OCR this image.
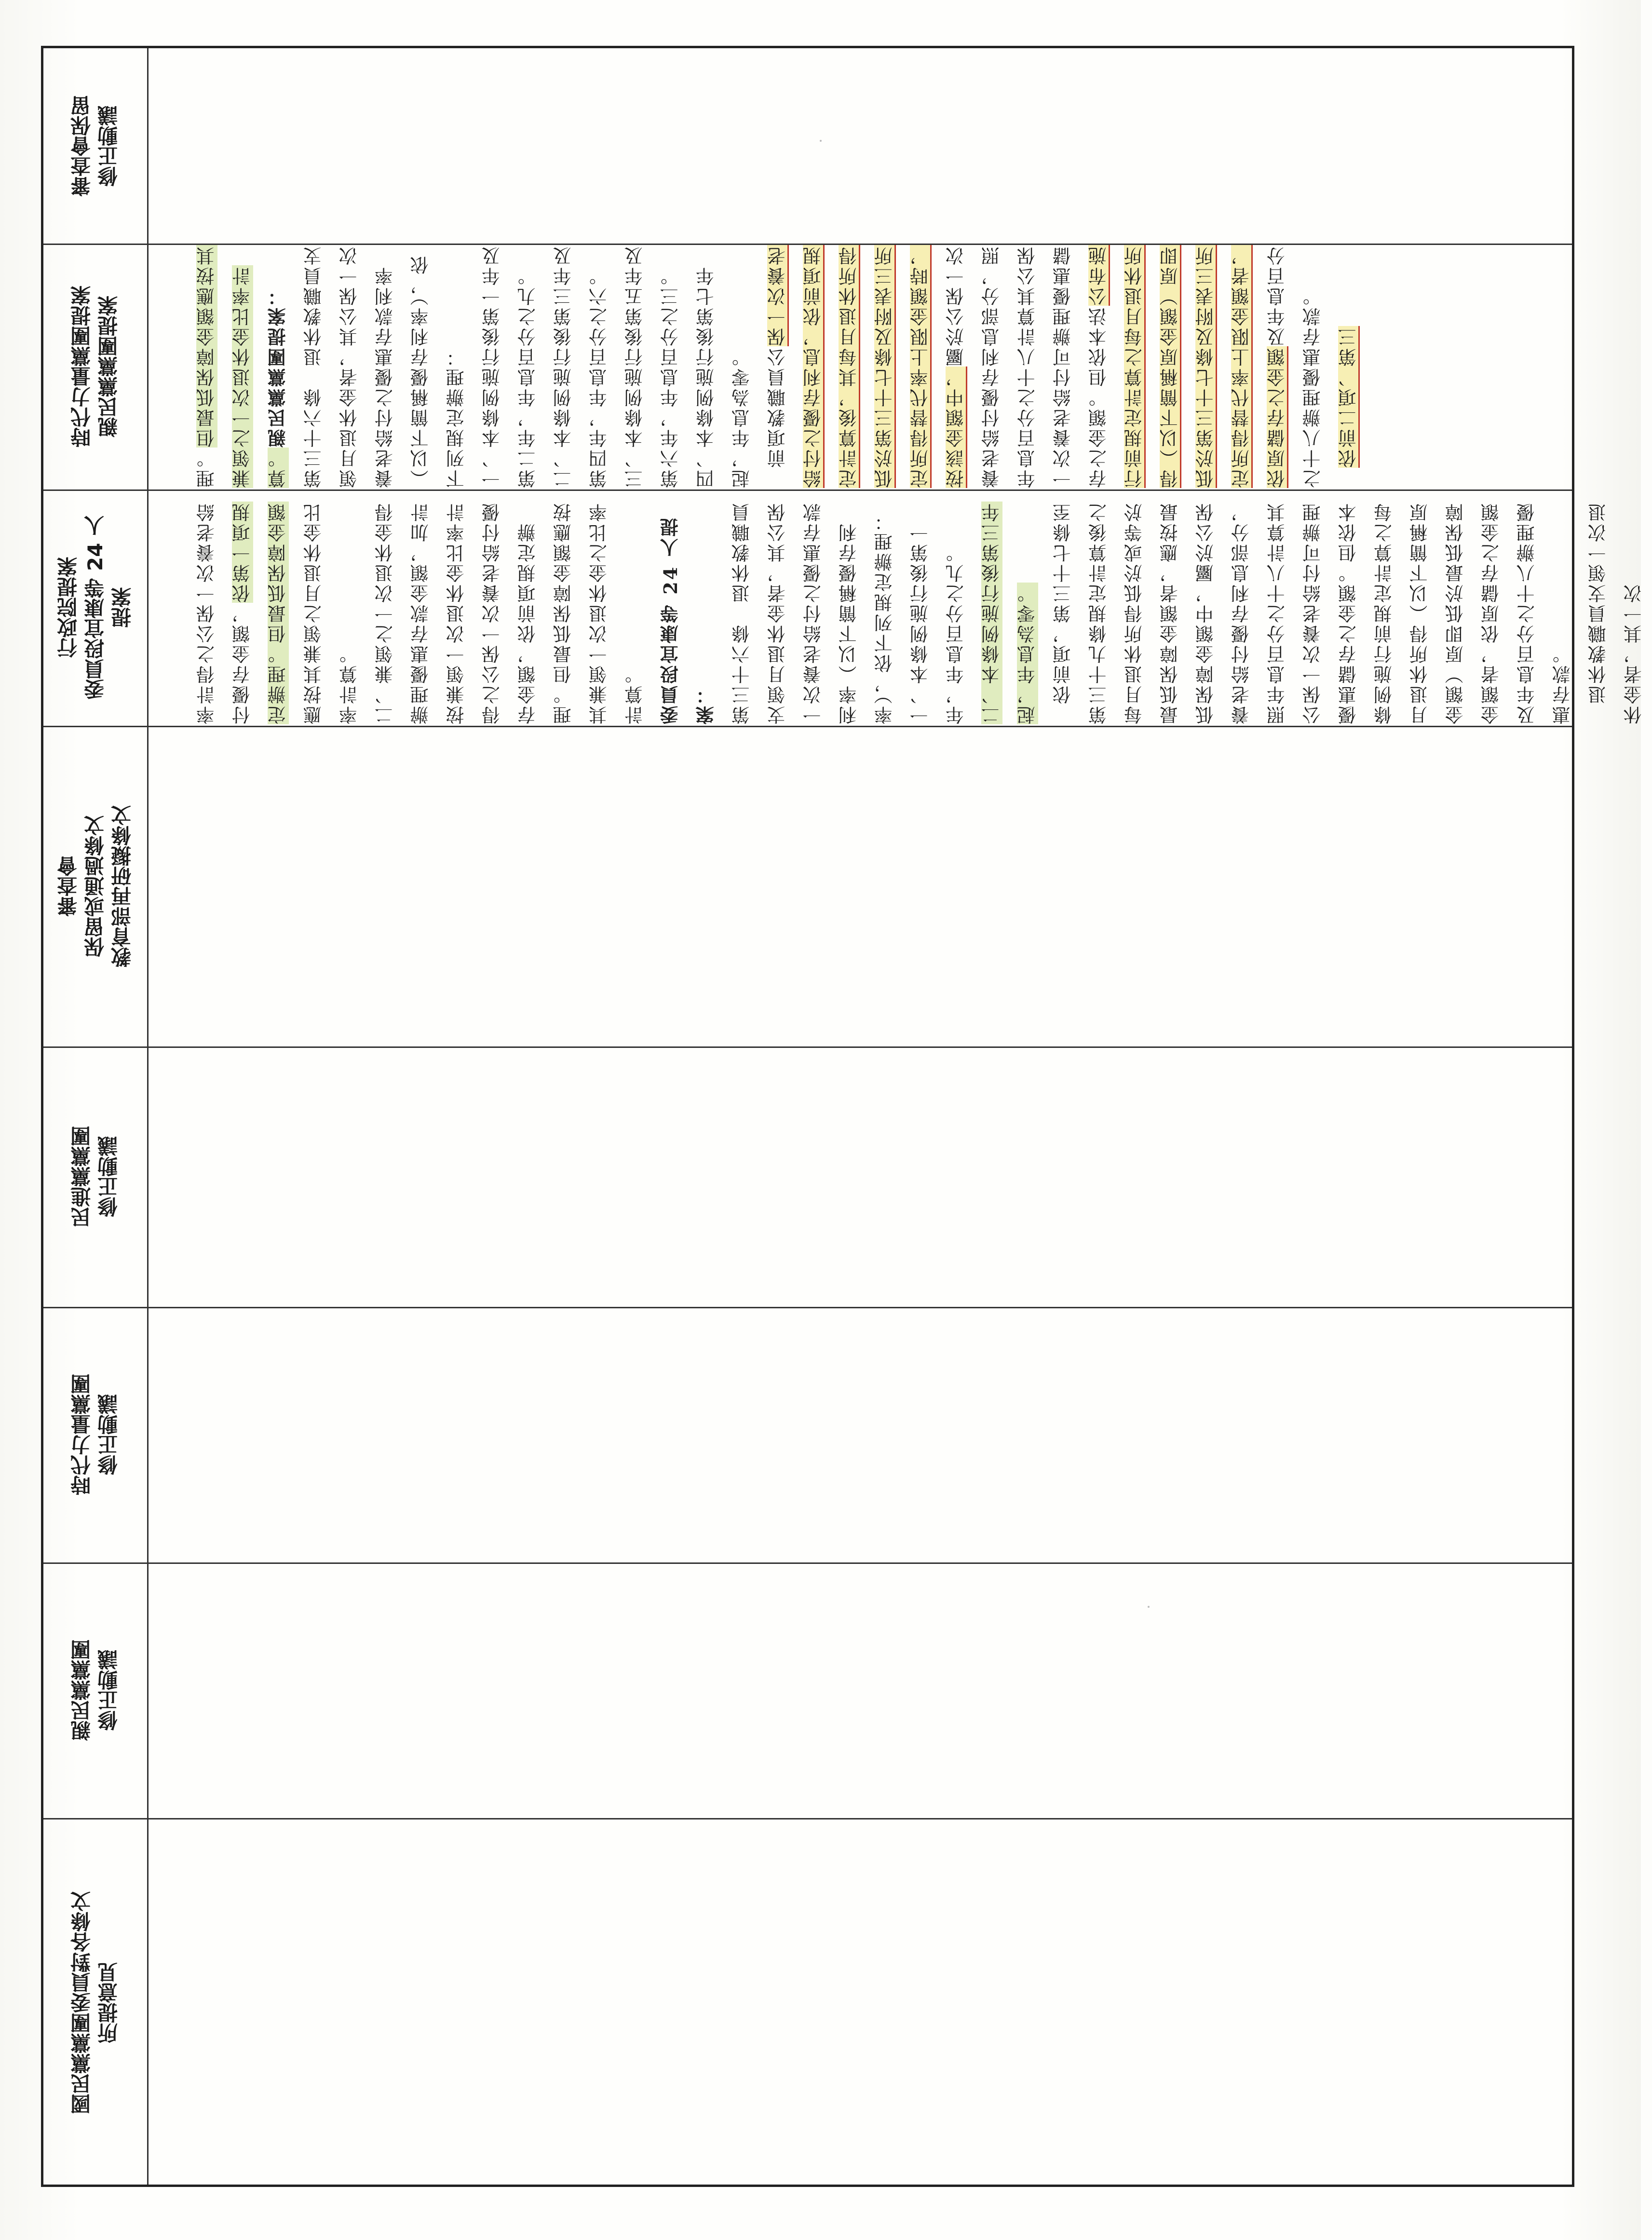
審查會保留
修正動議
時代力量黨團提案
親民黨黨團提案
行政院提案
委員段宜康等 24 人
提案
審查會
保留或通過條文
教育部再研擬條文
民進黨黨團
修正動議
時代力量黨團
修正動議
親民黨黨團
修正動議
國民黨黨團委員對各條文
所提意見

率計得之公保一次養老給付優存金額，依第一項規定辦理。但最低保障金額 應按其兼領之月退休金比率計算。
二、兼領之一次退休金得辦理優惠存款金額，加計按兼領一次退休金比率計得之公保一次養老給付優存金額，依前項規定辦理。但最低保障金額應按其兼領一次退休金之比率計算。
委員段宜康等 24 人提案：
第三十六條　退休教職員支領月退休金者，其公保一次養老給付之優惠存款利率（以下簡稱優存利率），依下列規定辦理：
一、本條例施行後第一年，年息百分之九。
二、本條例施行後第三年起，年息為零。
　依前項，第三十七條至第三十九條規定計算後之每月退休所得低於或等於最低保障金額者，應按最低保障金額中，屬於公保養老給付優存利息部分，照年息百分之十八計算其公保一次養老給付可辦理優惠儲存之金額。但依本條例施行前規定計算之每月退休所得（以下簡稱原金額）原即低於最低保障金額者，依原儲存之金額及年息百分之十八辦理優惠存款。
　退休教職員支領一次退休金者，其一次

理。但最低保障金額應按其兼領之一次退休金比率計算。親民黨黨團提案：
第三十六條　退休教職員支領月退休金者，其公保一次養老給付之優惠存款利率（以下簡稱優存利率），依下列規定辦理：
一、本條例施行後第一年及第二年，年息百分之九。
二、本條例施行後第三年及第四年，年息百分之六。
三、本條例施行後第五年及第六年，年息百分之三。
四、本條例施行後第七年起，年息為零。
　前項教職員公保一次養老給付之優存利息，依前項規定計算後，其每月退休所得低於第三十七條及附表三所定所得替代率上限金額時，按該金額中，屬於公保一次養老給付優存利息部分，照年息百分之十八計算其公保一次養老給付可辦理優惠儲存之金額。但依本法公布施行前規定計算之每月退休所得（以下簡稱原金額）原即低於第三十七條及附表三所定所得替代率上限金額者，依原儲存之金額及年息百分之十八辦理優惠存款。
　依前二項、第三
